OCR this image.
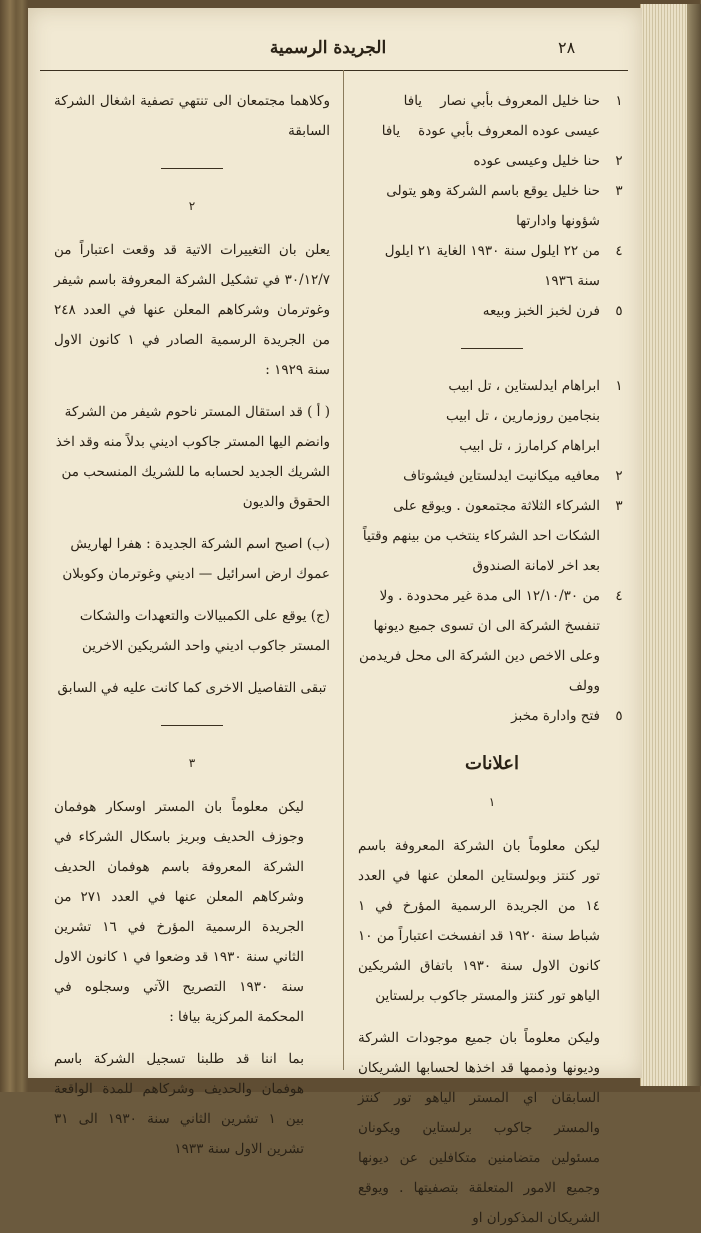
الجريدة الرسمية	٢٨
١
حنا خليل المعروف بأبي نصاريافا
عيسى عوده المعروف بأبي عودةيافا
٢
حنا خليل وعيسى عوده
٣
حنا خليل يوقع باسم الشركة وهو يتولى شؤونها وادارتها
٤
من ٢٢ ايلول سنة ١٩٣٠ الغاية ٢١ ايلول سنة ١٩٣٦
٥
فرن لخبز الخبز وبيعه
١
ابراهام ايدلستاين ، تل ابيب
بنجامين روزمارين ، تل ابيب
ابراهام كرامارز ، تل ابيب
٢
معافيه ميكانيت ايدلستاين فيشوتاف
٣
الشركاء الثلاثة مجتمعون . ويوقع على الشكات احد الشركاء ينتخب من بينهم وقتياً بعد اخر لامانة الصندوق
٤
من ١٢/١٠/٣٠ الى مدة غير محدودة . ولا تنفسخ الشركة الى ان تسوى جميع ديونها وعلى الاخص دين الشركة الى محل فريدمن وولف
٥
فتح وادارة مخبز
اعلانات
١

ليكن معلوماً بان الشركة المعروفة باسم تور كنتز وبولستاين المعلن عنها في العدد ١٤ من الجريدة الرسمية المؤرخ في ١ شباط سنة ١٩٢٠ قد انفسخت اعتباراً من ١٠ كانون الاول سنة ١٩٣٠ باتفاق الشريكين الياهو تور كنتز والمستر جاكوب برلستاين

وليكن معلوماً بان جميع موجودات الشركة وديونها وذممها قد اخذها لحسابها الشريكان السابقان اي المستر الياهو تور كنتز والمستر جاكوب برلستاين ويكونان مسئولين متضامنين متكافلين عن ديونها وجميع الامور المتعلقة بتصفيتها . ويوقع الشريكان المذكوران او

وكلاهما مجتمعان الى تنتهي تصفية اشغال الشركة السابقة

٢

يعلن بان التغييرات الاتية قد وقعت اعتباراً من ٣٠/١٢/٧ في تشكيل الشركة المعروفة باسم شيفر وغوترمان وشركاهم المعلن عنها في العدد ٢٤٨ من الجريدة الرسمية الصادر في ١ كانون الاول سنة ١٩٢٩ :

( أ ) قد استقال المستر ناحوم شيفر من الشركة وانضم اليها المستر جاكوب اديني بدلاً منه وقد اخذ الشريك الجديد لحسابه ما للشريك المنسحب من الحقوق والديون
(ب) اصبح اسم الشركة الجديدة : هفرا لهاريش عموك ارض اسرائيل — اديني وغوترمان وكوبلان
(ج) يوقع على الكمبيالات والتعهدات والشكات المستر جاكوب اديني واحد الشريكين الاخرين

تبقى التفاصيل الاخرى كما كانت عليه في السابق

٣

ليكن معلوماً بان المستر اوسكار هوفمان وجوزف الحديف وبريز باسكال الشركاء في الشركة المعروفة باسم هوفمان الحديف وشركاهم المعلن عنها في العدد ٢٧١ من الجريدة الرسمية المؤرخ في ١٦ تشرين الثاني سنة ١٩٣٠ قد وضعوا في ١ كانون الاول سنة ١٩٣٠ التصريح الآتي وسجلوه في المحكمة المركزية بيافا :

بما اننا قد طلبنا تسجيل الشركة باسم هوفمان والحديف وشركاهم للمدة الواقعة بين ١ تشرين الثاني سنة ١٩٣٠ الى ٣١ تشرين الاول سنة ١٩٣٣
